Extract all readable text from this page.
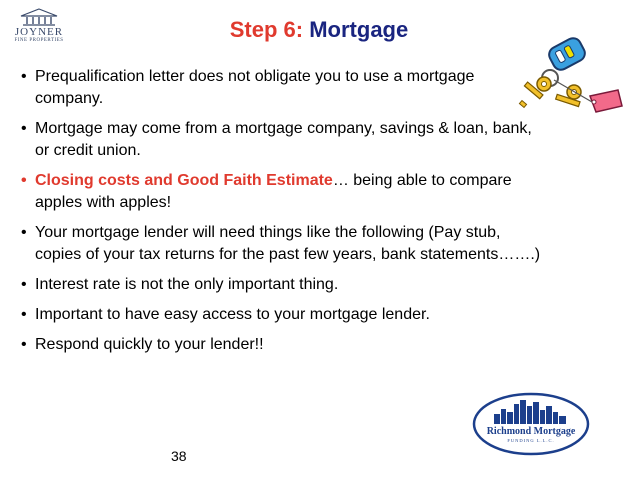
JOYNER
FINE PROPERTIES	Step 6: Mortgage
• Prequalification letter does not obligate you to use a mortgage company.
• Mortgage may come from a mortgage company, savings & loan, bank, or credit union.
• Closing costs and Good Faith Estimate… being able to compare apples with apples!
• Your mortgage lender will need things like the following (Pay stub, copies of your tax returns for the past few years, bank statements…….)
• Interest rate is not the only important thing.
• Important to have easy access to your mortgage lender.
• Respond quickly to your lender!!
38
Richmond Mortgage
FUNDING L.L.C.
